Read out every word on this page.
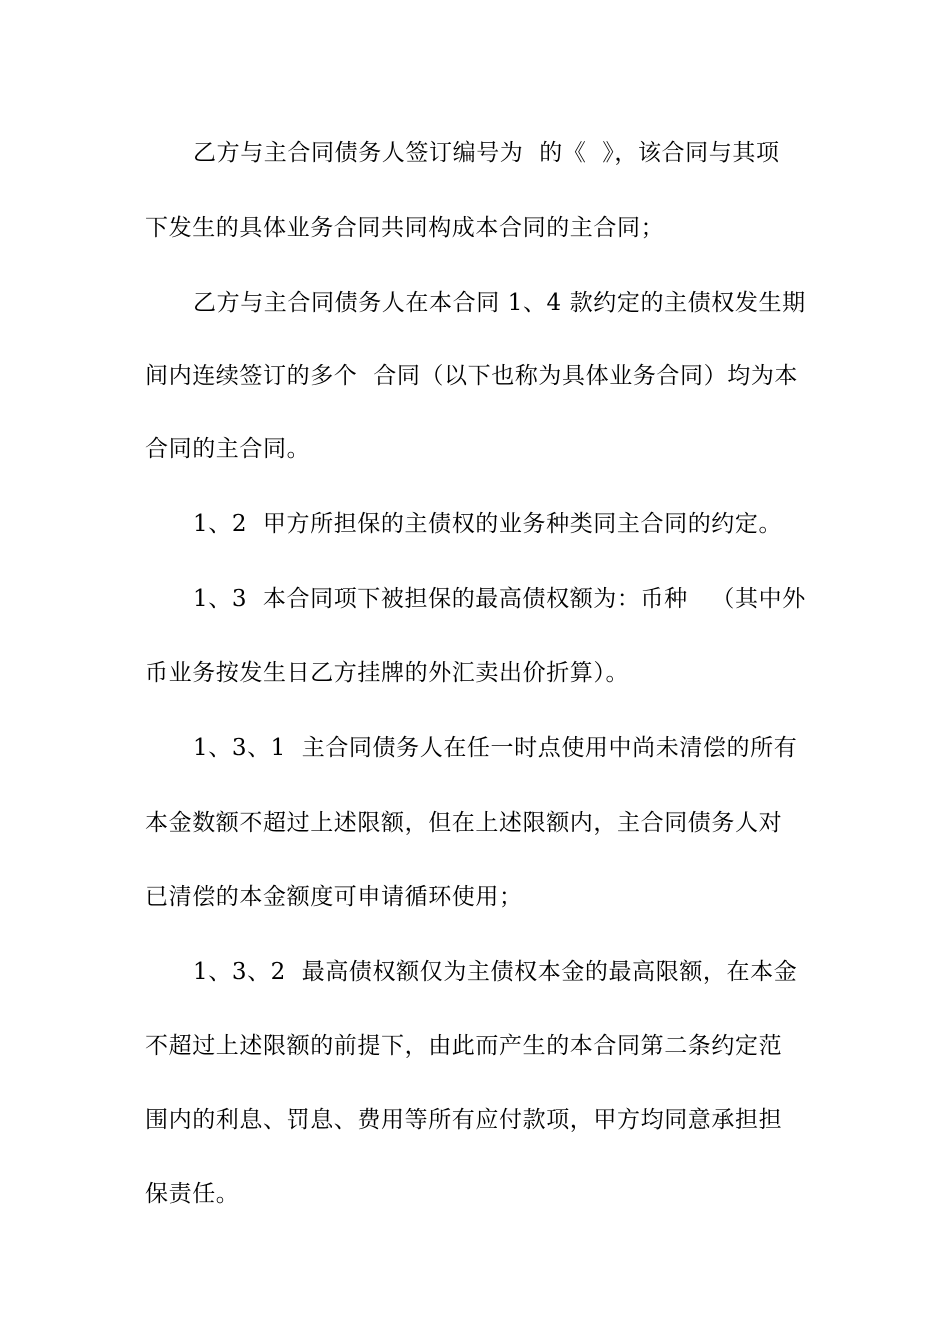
乙方与主合同债务人签订编号为  的《  》，该合同与其项

下发生的具体业务合同共同构成本合同的主合同；

乙方与主合同债务人在本合同 1、4 款约定的主债权发生期

间内连续签订的多个  合同（以下也称为具体业务合同）均为本

合同的主合同。

1、2  甲方所担保的主债权的业务种类同主合同的约定。

1、3  本合同项下被担保的最高债权额为：币种   （其中外

币业务按发生日乙方挂牌的外汇卖出价折算）。

1、3、1  主合同债务人在任一时点使用中尚未清偿的所有

本金数额不超过上述限额，但在上述限额内，主合同债务人对

已清偿的本金额度可申请循环使用；

1、3、2  最高债权额仅为主债权本金的最高限额，在本金

不超过上述限额的前提下，由此而产生的本合同第二条约定范

围内的利息、罚息、费用等所有应付款项，甲方均同意承担担

保责任。
